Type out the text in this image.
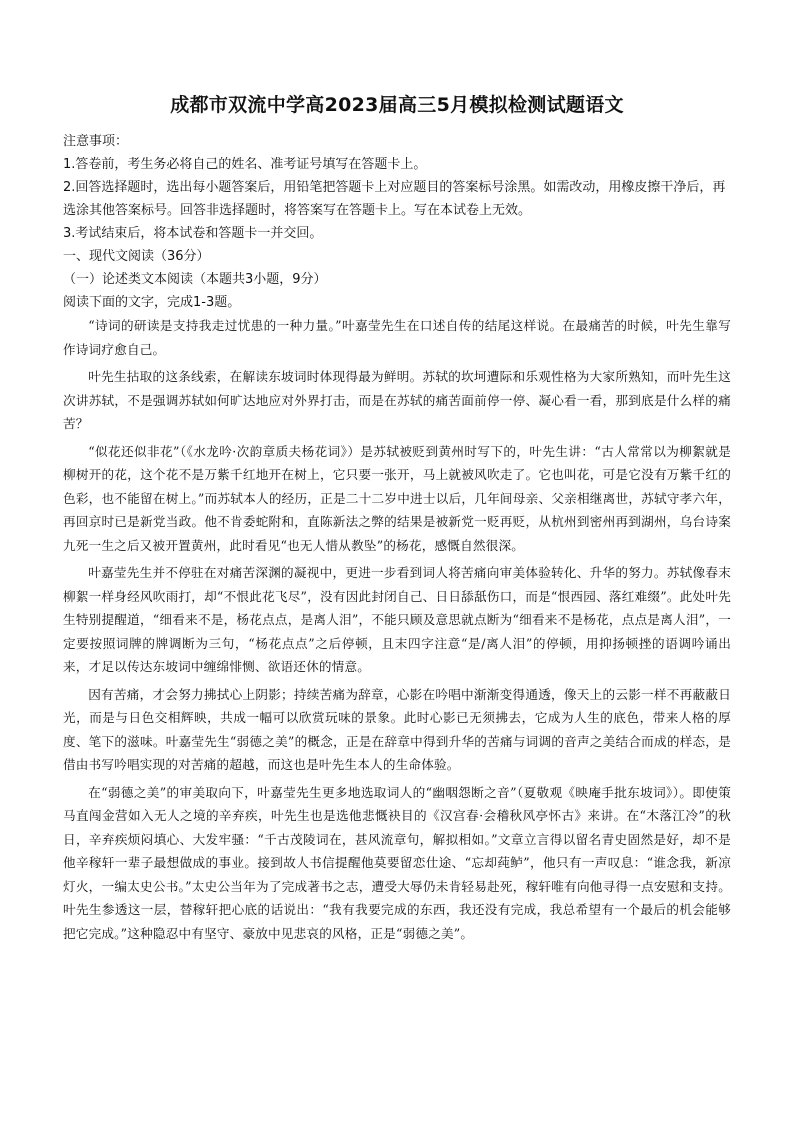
成都市双流中学高2023届高三5月模拟检测试题语文

注意事项：

1.答卷前，考生务必将自己的姓名、准考证号填写在答题卡上。

2.回答选择题时，选出每小题答案后，用铅笔把答题卡上对应题目的答案标号涂黑。如需改动，用橡皮擦干净后，再选涂其他答案标号。回答非选择题时，将答案写在答题卡上。写在本试卷上无效。

3.考试结束后，将本试卷和答题卡一并交回。

一、现代文阅读（36分）

（一）论述类文本阅读（本题共3小题，9分）

阅读下面的文字，完成1-3题。

“诗词的研读是支持我走过忧患的一种力量。”叶嘉莹先生在口述自传的结尾这样说。在最痛苦的时候，叶先生靠写作诗词疗愈自己。

叶先生拈取的这条线索，在解读东坡词时体现得最为鲜明。苏轼的坎坷遭际和乐观性格为大家所熟知，而叶先生这次讲苏轼，不是强调苏轼如何旷达地应对外界打击，而是在苏轼的痛苦面前停一停、凝心看一看，那到底是什么样的痛苦？

“似花还似非花”（《水龙吟·次韵章质夫杨花词》）是苏轼被贬到黄州时写下的，叶先生讲：“古人常常以为柳絮就是柳树开的花，这个花不是万紫千红地开在树上，它只要一张开，马上就被风吹走了。它也叫花，可是它没有万紫千红的色彩，也不能留在树上。”而苏轼本人的经历，正是二十二岁中进士以后，几年间母亲、父亲相继离世，苏轼守孝六年，再回京时已是新党当政。他不肯委蛇附和，直陈新法之弊的结果是被新党一贬再贬，从杭州到密州再到湖州，乌台诗案九死一生之后又被开置黄州，此时看见“也无人惜从教坠”的杨花，感慨自然很深。

叶嘉莹先生并不停驻在对痛苦深渊的凝视中，更进一步看到词人将苦痛向审美体验转化、升华的努力。苏轼像春末柳絮一样身经风吹雨打，却“不恨此花飞尽”，没有因此封闭自己、日日舔舐伤口，而是“恨西园、落红难缀”。此处叶先生特别提醒道，“细看来不是，杨花点点，是离人泪”，不能只顾及意思就点断为“细看来不是杨花，点点是离人泪”，一定要按照词牌的牌调断为三句，“杨花点点”之后停顿，且末四字注意“是/离人泪”的停顿，用抑扬顿挫的语调吟诵出来，才足以传达东坡词中缠绵悱恻、欲语还休的情意。

因有苦痛，才会努力拂拭心上阴影；持续苦痛为辞章，心影在吟唱中渐渐变得通透，像天上的云影一样不再蔽蔽日光，而是与日色交相辉映，共成一幅可以欣赏玩味的景象。此时心影已无须拂去，它成为人生的底色，带来人格的厚度、笔下的滋味。叶嘉莹先生“弱德之美”的概念，正是在辞章中得到升华的苦痛与词调的音声之美结合而成的样态，是借由书写吟唱实现的对苦痛的超越，而这也是叶先生本人的生命体验。

在“弱德之美”的审美取向下，叶嘉莹先生更多地选取词人的“幽咽怨断之音”（夏敬观《映庵手批东坡词》）。即使策马直闯金营如入无人之境的辛弃疾，叶先生也是选他悲慨袂目的《汉宫春·会稽秋风亭怀古》来讲。在“木落江冷”的秋日，辛弃疾烦闷填心、大发牢骚：“千古茂陵词在，甚风流章句，解拟相如。”文章立言得以留名青史固然是好，却不是他辛稼轩一辈子最想做成的事业。接到故人书信提醒他莫要留恋仕途、“忘却莼鲈”，他只有一声叹息：“谁念我，新凉灯火，一编太史公书。”太史公当年为了完成著书之志，遭受大辱仍未肯轻易赴死，稼轩唯有向他寻得一点安慰和支持。叶先生参透这一层，替稼轩把心底的话说出：“我有我要完成的东西，我还没有完成，我总希望有一个最后的机会能够把它完成。”这种隐忍中有坚守、豪放中见悲哀的风格，正是“弱德之美”。
